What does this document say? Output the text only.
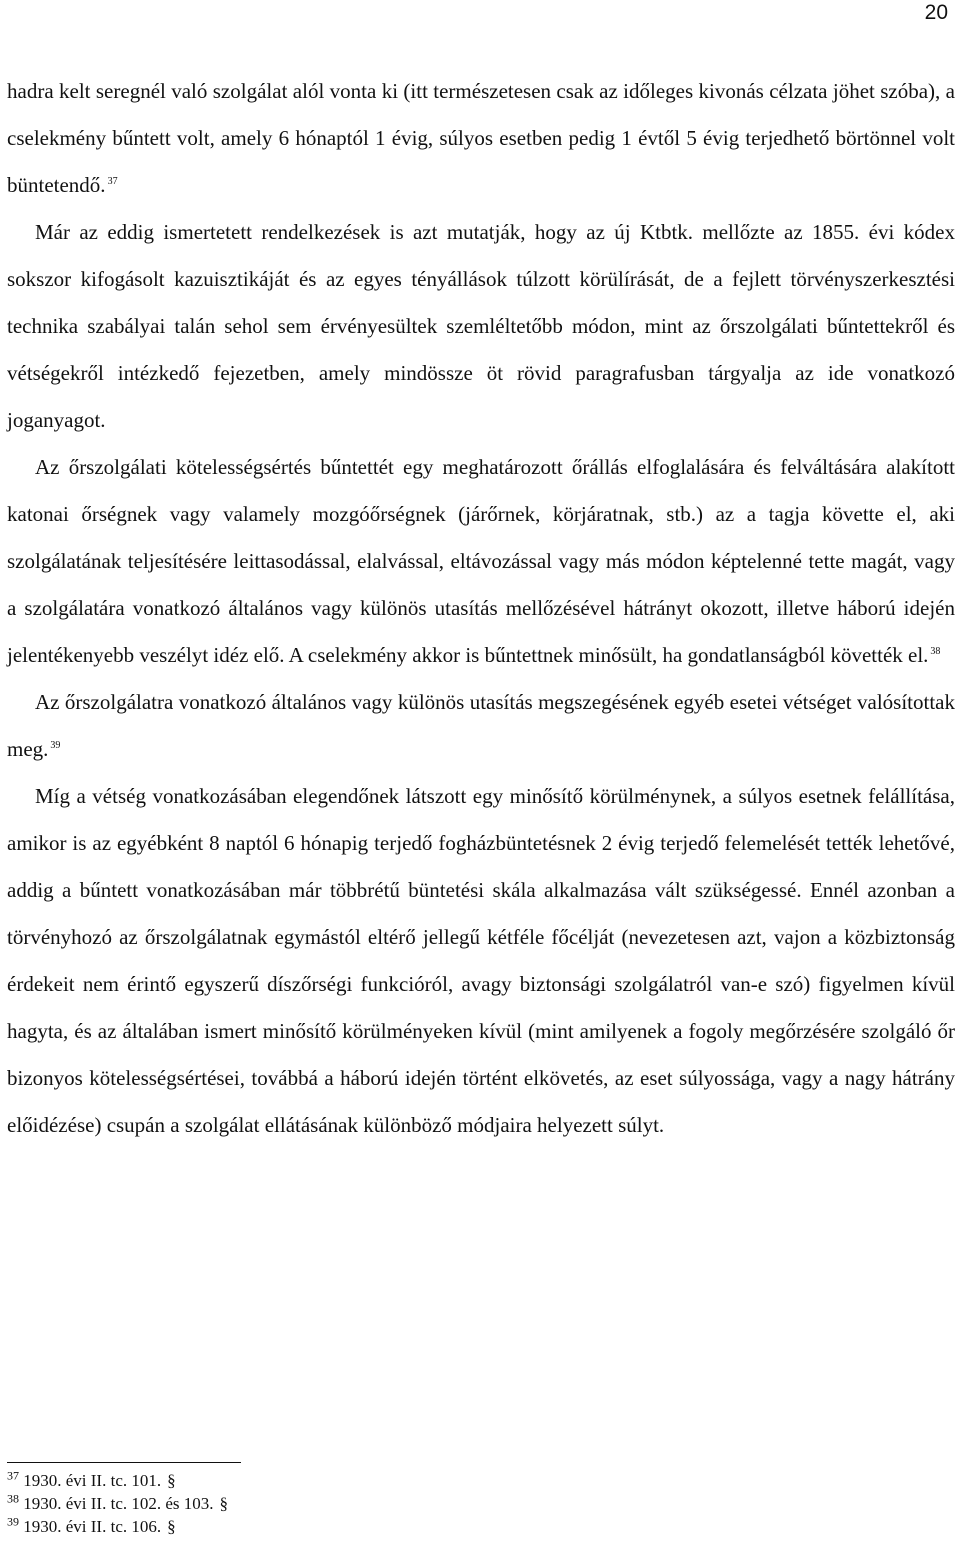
20

hadra kelt seregnél való szolgálat alól vonta ki (itt természetesen csak az időleges kivonás célzata jöhet szóba), a cselekmény bűntett volt, amely 6 hónaptól 1 évig, súlyos esetben pedig 1 évtől 5 évig terjedhető börtönnel volt büntetendő. $^{37}$

Már az eddig ismertetett rendelkezések is azt mutatják, hogy az új Ktbtk. mellőzte az 1855. évi kódex sokszor kifogásolt kazuisztikáját és az egyes tényállások túlzott körülírását, de a fejlett törvényszerkesztési technika szabályai talán sehol sem érvényesültek szemléltetőbb módon, mint az őrszolgálati bűntettekről és vétségekről intézkedő fejezetben, amely mindössze öt rövid paragrafusban tárgyalja az ide vonatkozó joganyagot.

Az őrszolgálati kötelességsértés bűntettét egy meghatározott őrállás elfoglalására és felváltására alakított katonai őrségnek vagy valamely mozgóőrségnek (járőrnek, körjáratnak, stb.) az a tagja követte el, aki szolgálatának teljesítésére leittasodással, elalvással, eltávozással vagy más módon képtelenné tette magát, vagy a szolgálatára vonatkozó általános vagy különös utasítás mellőzésével hátrányt okozott, illetve háború idején jelentékenyebb veszélyt idéz elő. A cselekmény akkor is bűntettnek minősült, ha gondatlanságból követték el. $^{38}$

Az őrszolgálatra vonatkozó általános vagy különös utasítás megszegésének egyéb esetei vétséget valósítottak meg. $^{39}$

Míg a vétség vonatkozásában elegendőnek látszott egy minősítő körülménynek, a súlyos esetnek felállítása, amikor is az egyébként 8 naptól 6 hónapig terjedő fogházbüntetésnek 2 évig terjedő felemelését tették lehetővé, addig a bűntett vonatkozásában már többrétű büntetési skála alkalmazása vált szükségessé. Ennél azonban a törvényhozó az őrszolgálatnak egymástól eltérő jellegű kétféle főcélját (nevezetesen azt, vajon a közbiztonság érdekeit nem érintő egyszerű díszőrségi funkcióról, avagy biztonsági szolgálatról van-e szó) figyelmen kívül hagyta, és az általában ismert minősítő körülményeken kívül (mint amilyenek a fogoly megőrzésére szolgáló őr bizonyos kötelességsértései, továbbá a háború idején történt elkövetés, az eset súlyossága, vagy a nagy hátrány előidézése) csupán a szolgálat ellátásának különböző módjaira helyezett súlyt.

$^{37}$ 1930. évi II. tc. 101. §

$^{38}$ 1930. évi II. tc. 102. és 103. §

$^{39}$ 1930. évi II. tc. 106. §
